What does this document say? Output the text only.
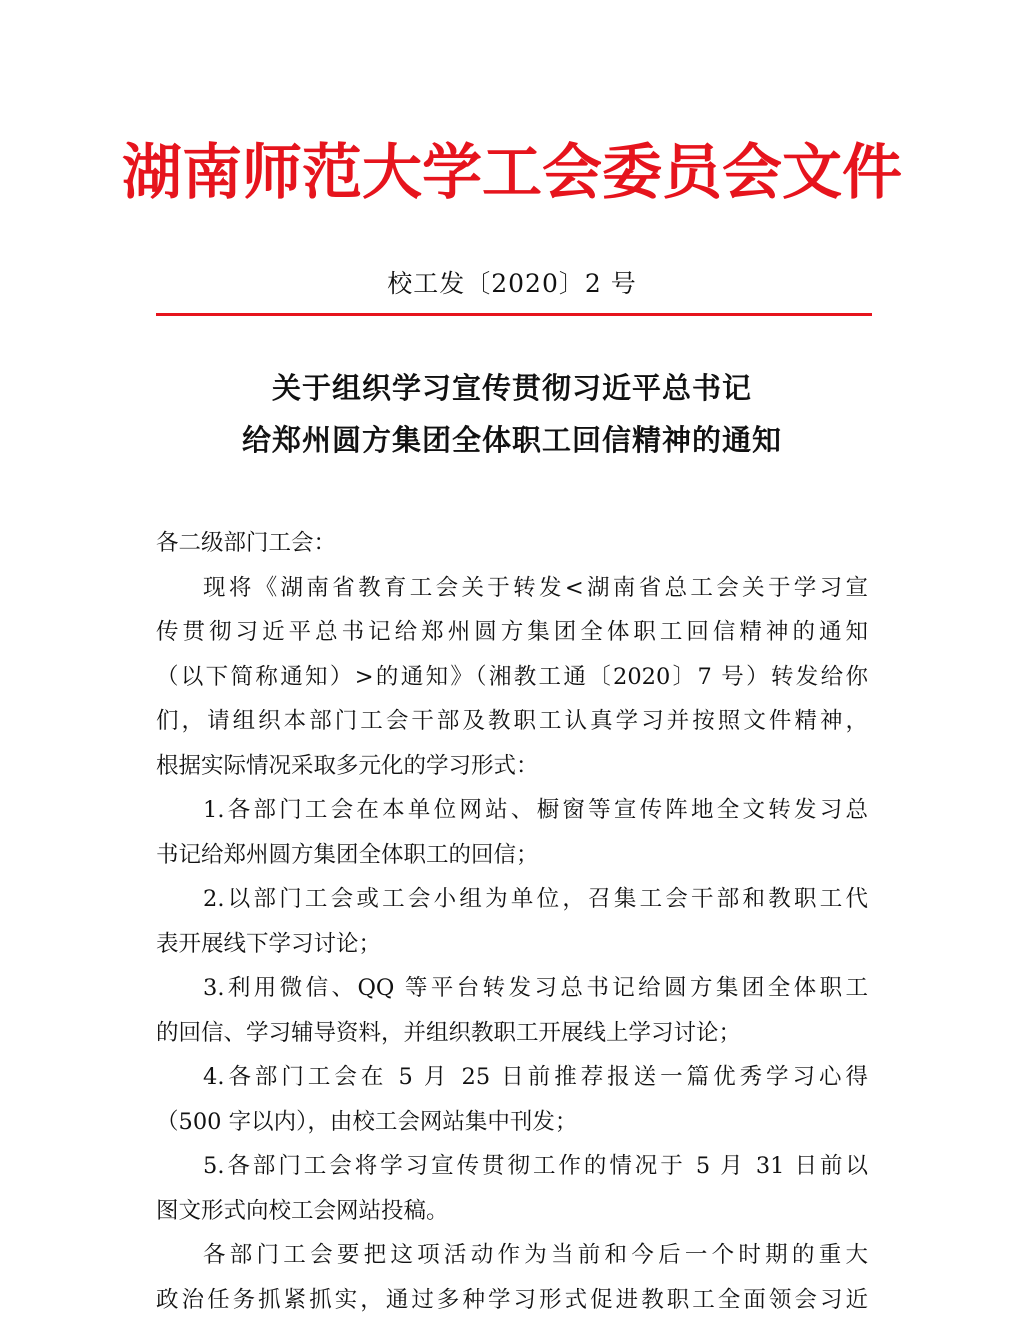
湖南师范大学工会委员会文件
校工发〔2020〕2 号
关于组织学习宣传贯彻习近平总书记
给郑州圆方集团全体职工回信精神的通知
各二级部门工会：
现将《湖南省教育工会关于转发<湖南省总工会关于学习宣
传贯彻习近平总书记给郑州圆方集团全体职工回信精神的通知
（以下简称通知）>的通知》（湘教工通〔2020〕7 号）转发给你
们，请组织本部门工会干部及教职工认真学习并按照文件精神，
根据实际情况采取多元化的学习形式：
1.各部门工会在本单位网站、橱窗等宣传阵地全文转发习总
书记给郑州圆方集团全体职工的回信；
2.以部门工会或工会小组为单位，召集工会干部和教职工代
表开展线下学习讨论；
3.利用微信、QQ 等平台转发习总书记给圆方集团全体职工
的回信、学习辅导资料，并组织教职工开展线上学习讨论；
4.各部门工会在 5 月 25 日前推荐报送一篇优秀学习心得
（500 字以内），由校工会网站集中刊发；
5.各部门工会将学习宣传贯彻工作的情况于 5 月 31 日前以
图文形式向校工会网站投稿。
各部门工会要把这项活动作为当前和今后一个时期的重大
政治任务抓紧抓实，通过多种学习形式促进教职工全面领会习近
